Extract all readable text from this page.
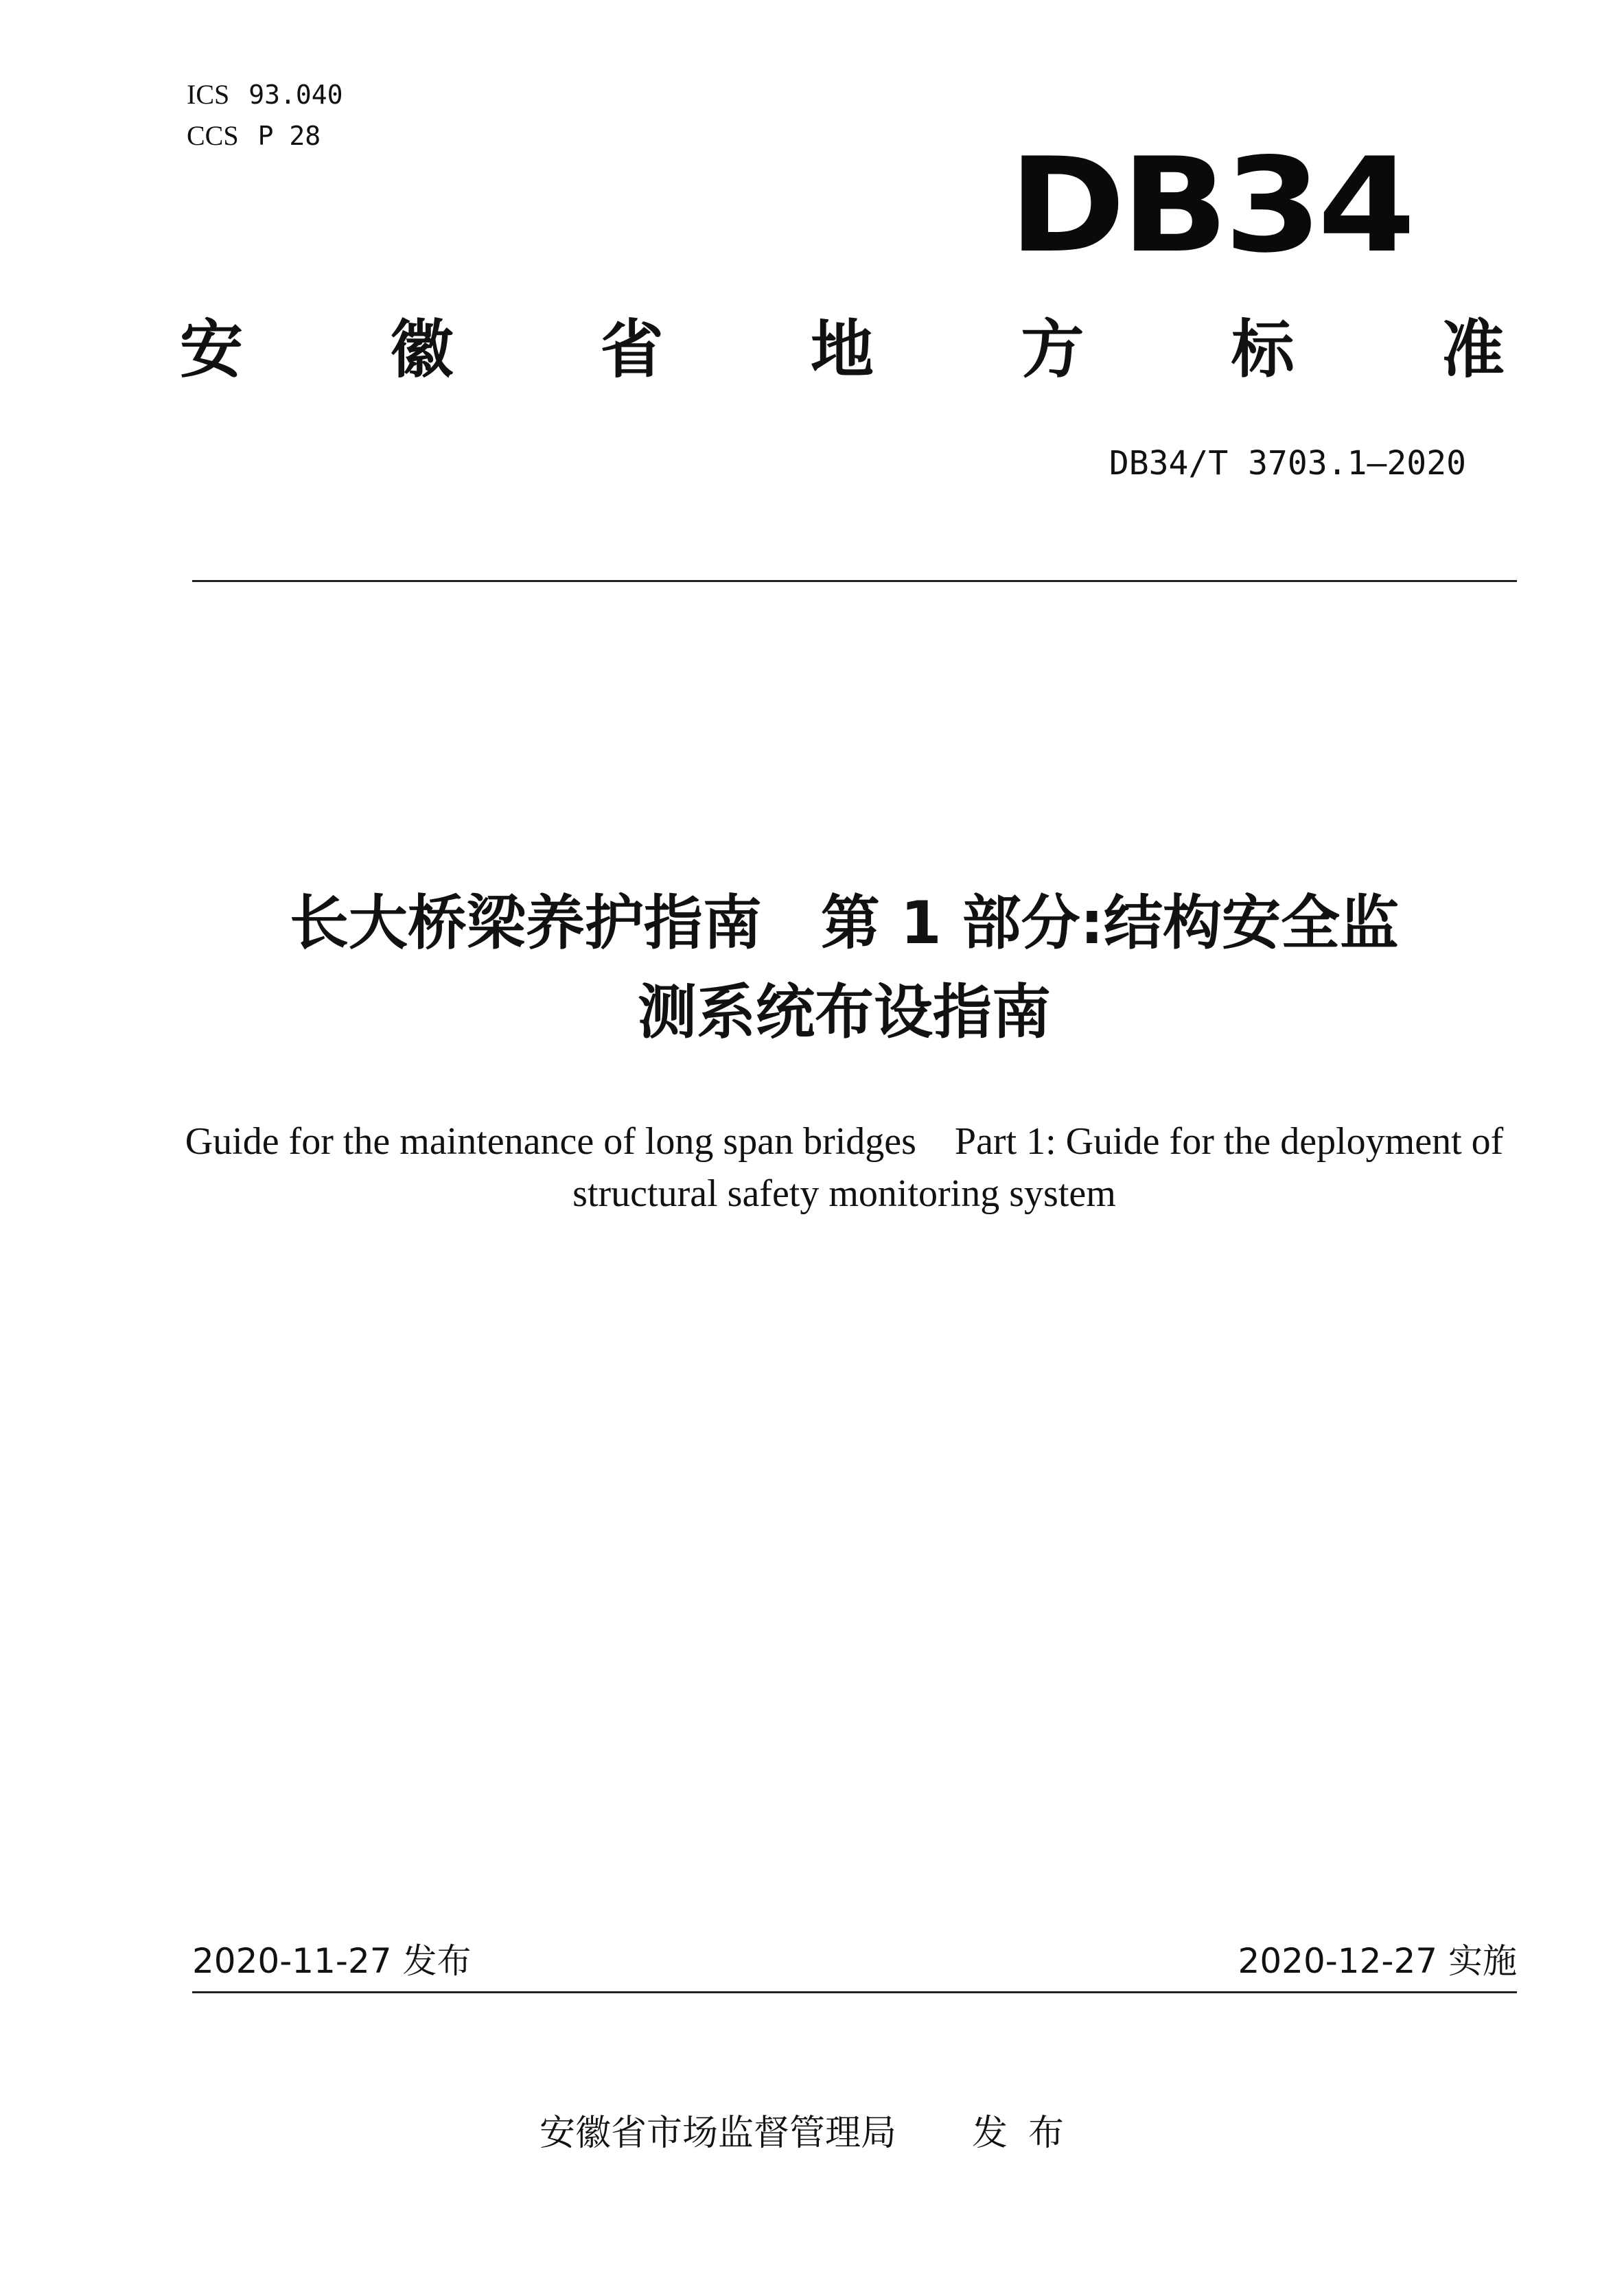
ICS 93.040
CCS P 28	DB34
安 徽 省 地 方 标 准
DB34/T 3703.1—2020
长大桥梁养护指南　第 1 部分:结构安全监
测系统布设指南
Guide for the maintenance of long span bridges　Part 1: Guide for the deployment of
structural safety monitoring system
2020-11-27 发布	2020-12-27 实施
安徽省市场监督管理局 发布
